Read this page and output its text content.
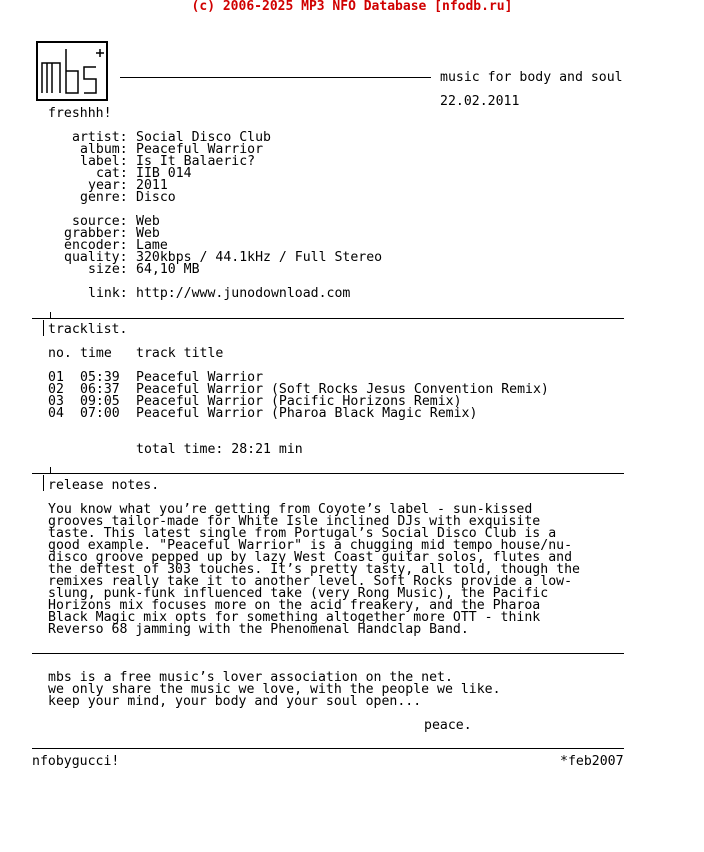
(c) 2006-2025 MP3 NFO Database [nfodb.ru]
mbs
music for body and soul
22.02.2011
freshhh!
artist: Social Disco Club
album: Peaceful Warrior
label: Is It Balaeric?
cat: IIB 014
year: 2011
genre: Disco
source: Web
grabber: Web
encoder: Lame
quality: 320kbps / 44.1kHz / Full Stereo
size: 64,10 MB
link: http://www.junodownload.com
tracklist.
no. time track title
01 05:39 Peaceful Warrior
02 06:37 Peaceful Warrior (Soft Rocks Jesus Convention Remix)
03 09:05 Peaceful Warrior (Pacific Horizons Remix)
04 07:00 Peaceful Warrior (Pharoa Black Magic Remix)
total time: 28:21 min
release notes.
You know what you’re getting from Coyote’s label - sun-kissed
grooves tailor-made for White Isle inclined DJs with exquisite
taste. This latest single from Portugal’s Social Disco Club is a
good example. "Peaceful Warrior" is a chugging mid tempo house/nu-
disco groove pepped up by lazy West Coast guitar solos, flutes and
the deftest of 303 touches. It’s pretty tasty, all told, though the
remixes really take it to another level. Soft Rocks provide a low-
slung, punk-funk influenced take (very Rong Music), the Pacific
Horizons mix focuses more on the acid freakery, and the Pharoa
Black Magic mix opts for something altogether more OTT - think
Reverso 68 jamming with the Phenomenal Handclap Band.
mbs is a free music’s lover association on the net.
we only share the music we love, with the people we like.
keep your mind, your body and your soul open...
peace.
nfobygucci!	*feb2007
